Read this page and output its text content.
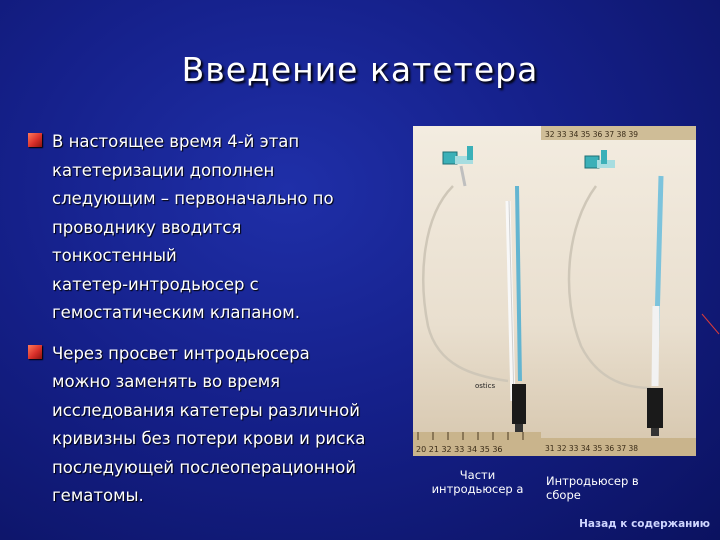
Введение катетера
В настоящее время 4-й этап
катетеризации дополнен
следующим – первоначально по
проводнику вводится
тонкостенный
катетер-интродьюсер с
гемостатическим клапаном.
Через просвет интродьюсера
можно заменять во время
исследования катетеры различной
кривизны без потери крови и риска
последующей послеоперационной
гематомы.
20 21 32 33 34 35 36
ostics
32 33 34 35 36 37 38 39
31 32 33 34 35 36 37 38
Части интродьюсер а
Интродьюсер в сборе
Назад к содержанию
